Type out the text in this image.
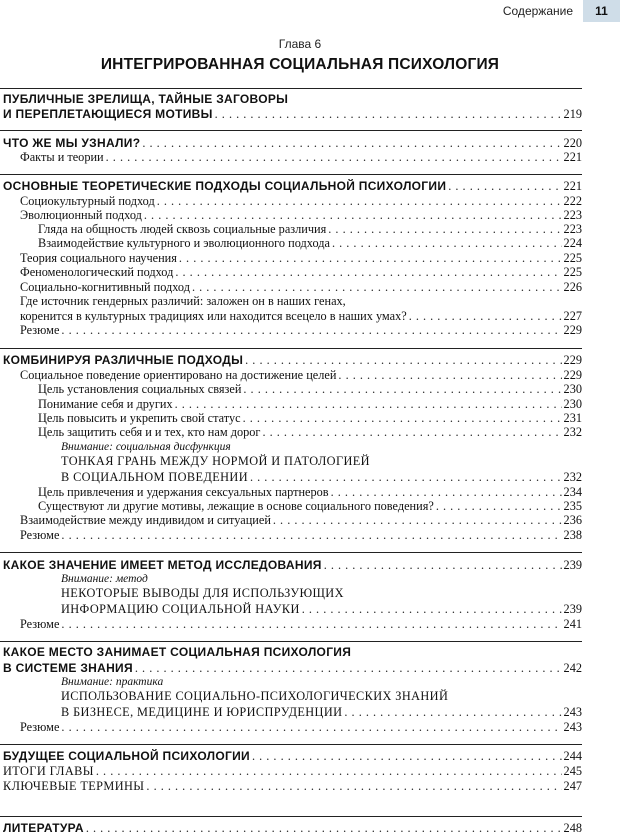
Содержание	11
Глава 6
ИНТЕГРИРОВАННАЯ СОЦИАЛЬНАЯ ПСИХОЛОГИЯ
ПУБЛИЧНЫЕ ЗРЕЛИЩА, ТАЙНЫЕ ЗАГОВОРЫ
И ПЕРЕПЛЕТАЮЩИЕСЯ МОТИВЫ . . .	219
ЧТО ЖЕ МЫ УЗНАЛИ? . . .	220
Факты и теории . . .	221
ОСНОВНЫЕ ТЕОРЕТИЧЕСКИЕ ПОДХОДЫ СОЦИАЛЬНОЙ ПСИХОЛОГИИ . . .	221
Социокультурный подход . . .	222
Эволюционный подход . . .	223
Гляда на общность людей сквозь социальные различия . . .	223
Взаимодействие культурного и эволюционного подхода . . .	224
Теория социального научения . . .	225
Феноменологический подход . . .	225
Социально-когнитивный подход . . .	226
Где источник гендерных различий: заложен он в наших генах,
коренится в культурных традициях или находится всецело в наших умах? . . .	227
Резюме . . .	229
КОМБИНИРУЯ РАЗЛИЧНЫЕ ПОДХОДЫ . . .	229
Социальное поведение ориентировано на достижение целей . . .	229
Цель установления социальных связей . . .	230
Понимание себя и других . . .	230
Цель повысить и укрепить свой статус . . .	231
Цель защитить себя и и тех, кто нам дорог . . .	232
Внимание: социальная дисфункция
ТОНКАЯ ГРАНЬ МЕЖДУ НОРМОЙ И ПАТОЛОГИЕЙ
В СОЦИАЛЬНОМ ПОВЕДЕНИИ . . .	232
Цель привлечения и удержания сексуальных партнеров . . .	234
Существуют ли другие мотивы, лежащие в основе социального поведения? . . .	235
Взаимодействие между индивидом и ситуацией . . .	236
Резюме . . .	238
КАКОЕ ЗНАЧЕНИЕ ИМЕЕТ МЕТОД ИССЛЕДОВАНИЯ . . .	239
Внимание: метод
НЕКОТОРЫЕ ВЫВОДЫ ДЛЯ ИСПОЛЬЗУЮЩИХ
ИНФОРМАЦИЮ СОЦИАЛЬНОЙ НАУКИ . . .	239
Резюме . . .	241
КАКОЕ МЕСТО ЗАНИМАЕТ СОЦИАЛЬНАЯ ПСИХОЛОГИЯ
В СИСТЕМЕ ЗНАНИЯ . . .	242
Внимание: практика
ИСПОЛЬЗОВАНИЕ СОЦИАЛЬНО-ПСИХОЛОГИЧЕСКИХ ЗНАНИЙ
В БИЗНЕСЕ, МЕДИЦИНЕ И ЮРИСПРУДЕНЦИИ . . .	243
Резюме . . .	243
БУДУЩЕЕ СОЦИАЛЬНОЙ ПСИХОЛОГИИ . . .	244
ИТОГИ ГЛАВЫ . . .	245
КЛЮЧЕВЫЕ ТЕРМИНЫ . . .	247
ЛИТЕРАТУРА . . .	248
